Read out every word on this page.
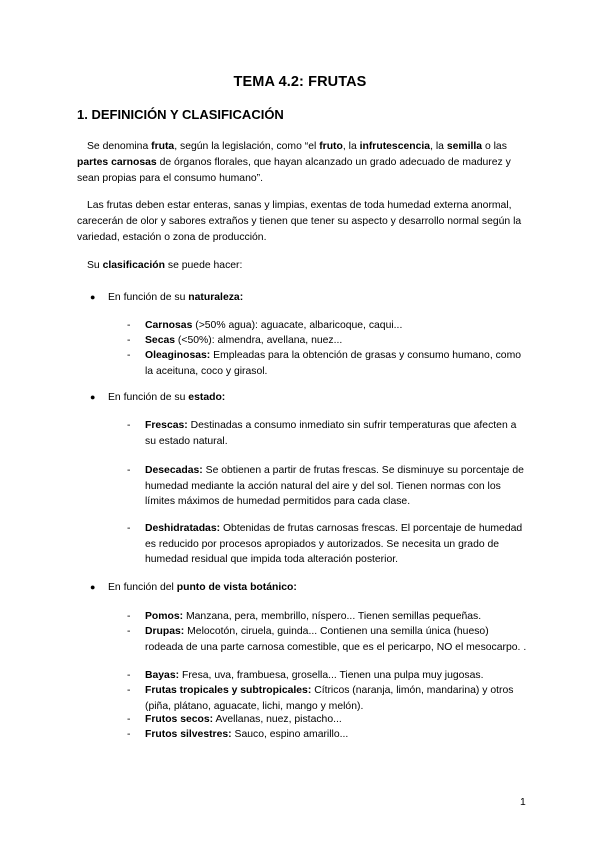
TEMA 4.2: FRUTAS
1. DEFINICIÓN Y CLASIFICACIÓN
Se denomina fruta, según la legislación, como “el fruto, la infrutescencia, la semilla o las partes carnosas de órganos florales, que hayan alcanzado un grado adecuado de madurez y sean propias para el consumo humano”.
Las frutas deben estar enteras, sanas y limpias, exentas de toda humedad externa anormal, carecerán de olor y sabores extraños y tienen que tener su aspecto y desarrollo normal según la variedad, estación o zona de producción.
Su clasificación se puede hacer:
● En función de su naturaleza:
- Carnosas (>50% agua): aguacate, albaricoque, caqui...
- Secas (<50%): almendra, avellana, nuez...
- Oleaginosas: Empleadas para la obtención de grasas y consumo humano, como la aceituna, coco y girasol.
● En función de su estado:
- Frescas: Destinadas a consumo inmediato sin sufrir temperaturas que afecten a su estado natural.
- Desecadas: Se obtienen a partir de frutas frescas. Se disminuye su porcentaje de humedad mediante la acción natural del aire y del sol. Tienen normas con los límites máximos de humedad permitidos para cada clase.
- Deshidratadas: Obtenidas de frutas carnosas frescas. El porcentaje de humedad es reducido por procesos apropiados y autorizados. Se necesita un grado de humedad residual que impida toda alteración posterior.
● En función del punto de vista botánico:
- Pomos: Manzana, pera, membrillo, níspero... Tienen semillas pequeñas.
- Drupas: Melocotón, ciruela, guinda... Contienen una semilla única (hueso) rodeada de una parte carnosa comestible, que es el pericarpo, NO el mesocarpo. .
- Bayas: Fresa, uva, frambuesa, grosella... Tienen una pulpa muy jugosas.
- Frutas tropicales y subtropicales: Cítricos (naranja, limón, mandarina) y otros (piña, plátano, aguacate, lichi, mango y melón).
- Frutos secos: Avellanas, nuez, pistacho...
- Frutos silvestres: Sauco, espino amarillo...
1
